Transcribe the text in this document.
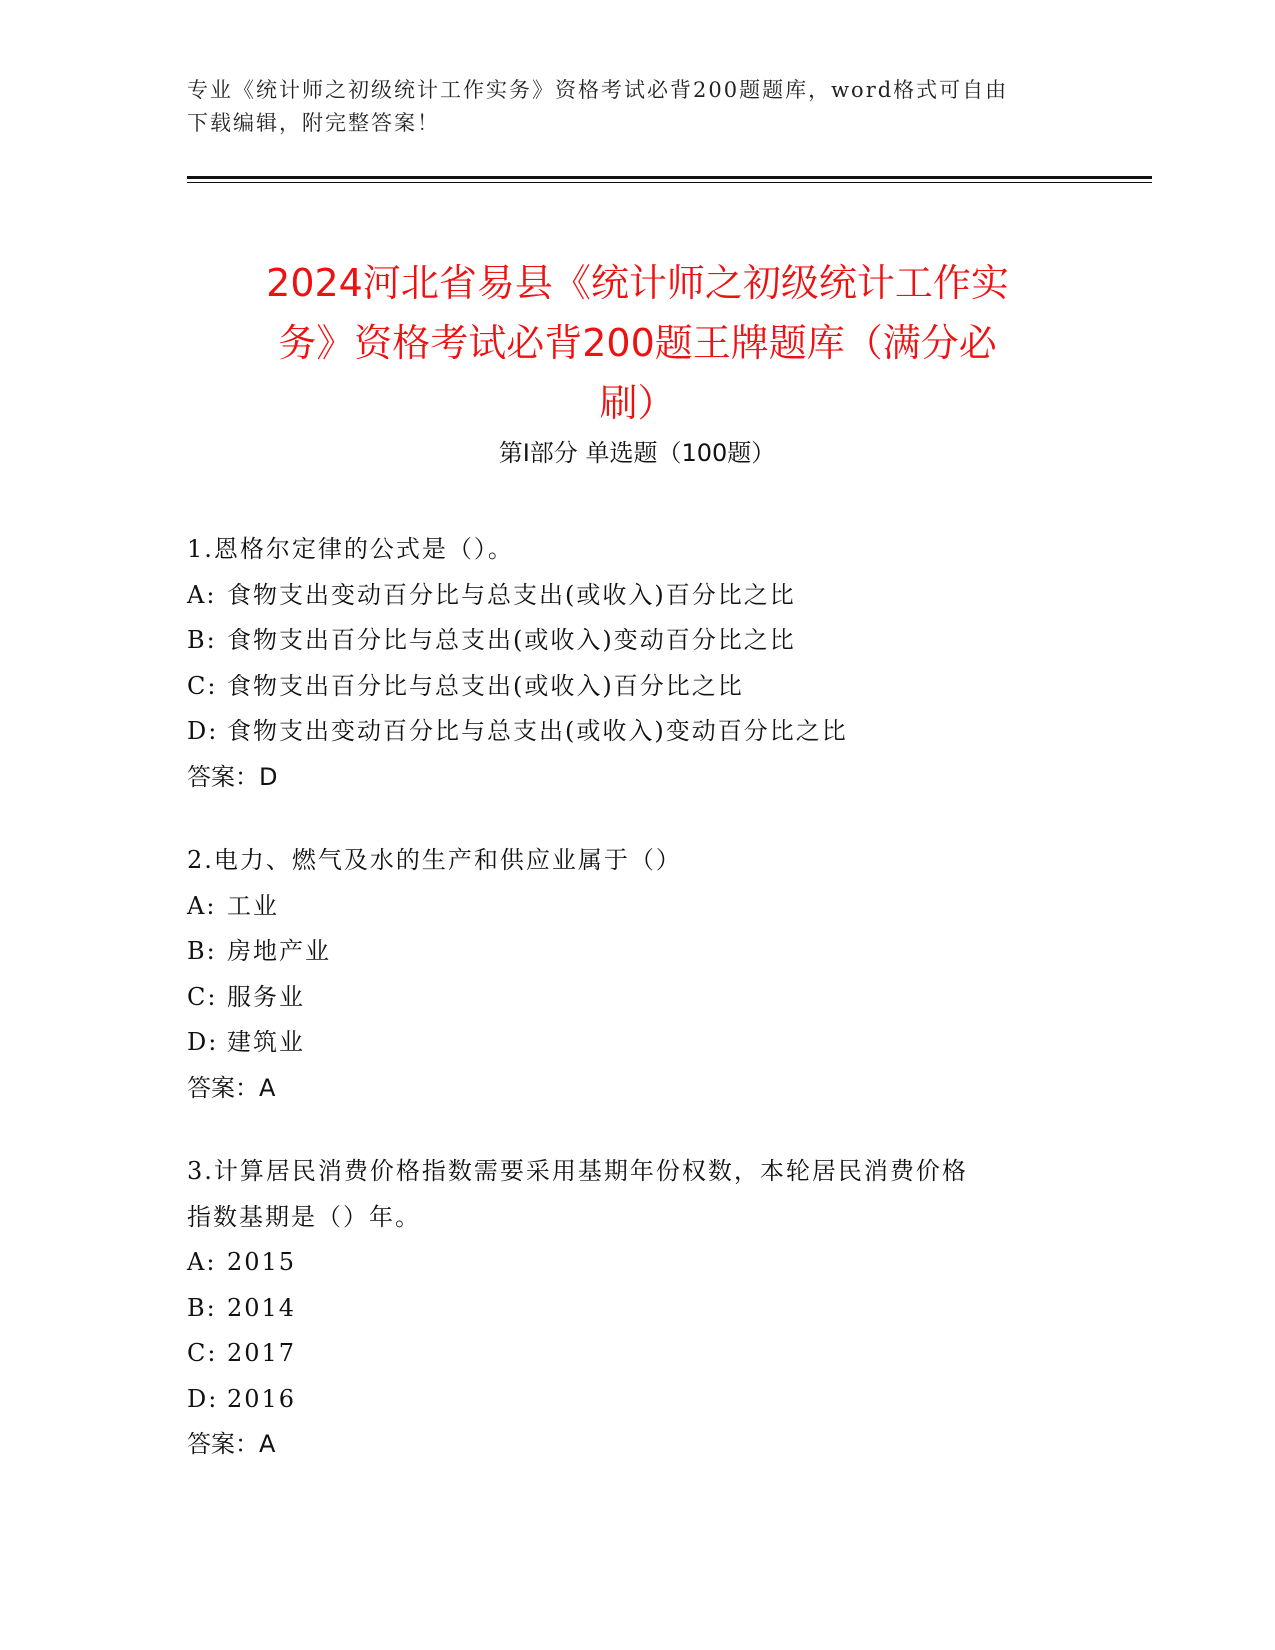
专业《统计师之初级统计工作实务》资格考试必背200题题库，word格式可自由
下载编辑，附完整答案！
2024河北省易县《统计师之初级统计工作实
务》资格考试必背200题王牌题库（满分必
刷）
第Ⅰ部分 单选题（100题）

1.恩格尔定律的公式是（）。

A: 食物支出变动百分比与总支出(或收入)百分比之比

B: 食物支出百分比与总支出(或收入)变动百分比之比

C: 食物支出百分比与总支出(或收入)百分比之比

D: 食物支出变动百分比与总支出(或收入)变动百分比之比

答案：D

2.电力、燃气及水的生产和供应业属于（）

A: 工业

B: 房地产业

C: 服务业

D: 建筑业

答案：A

3.计算居民消费价格指数需要采用基期年份权数，本轮居民消费价格

指数基期是（）年。

A: 2015

B: 2014

C: 2017

D: 2016

答案：A
